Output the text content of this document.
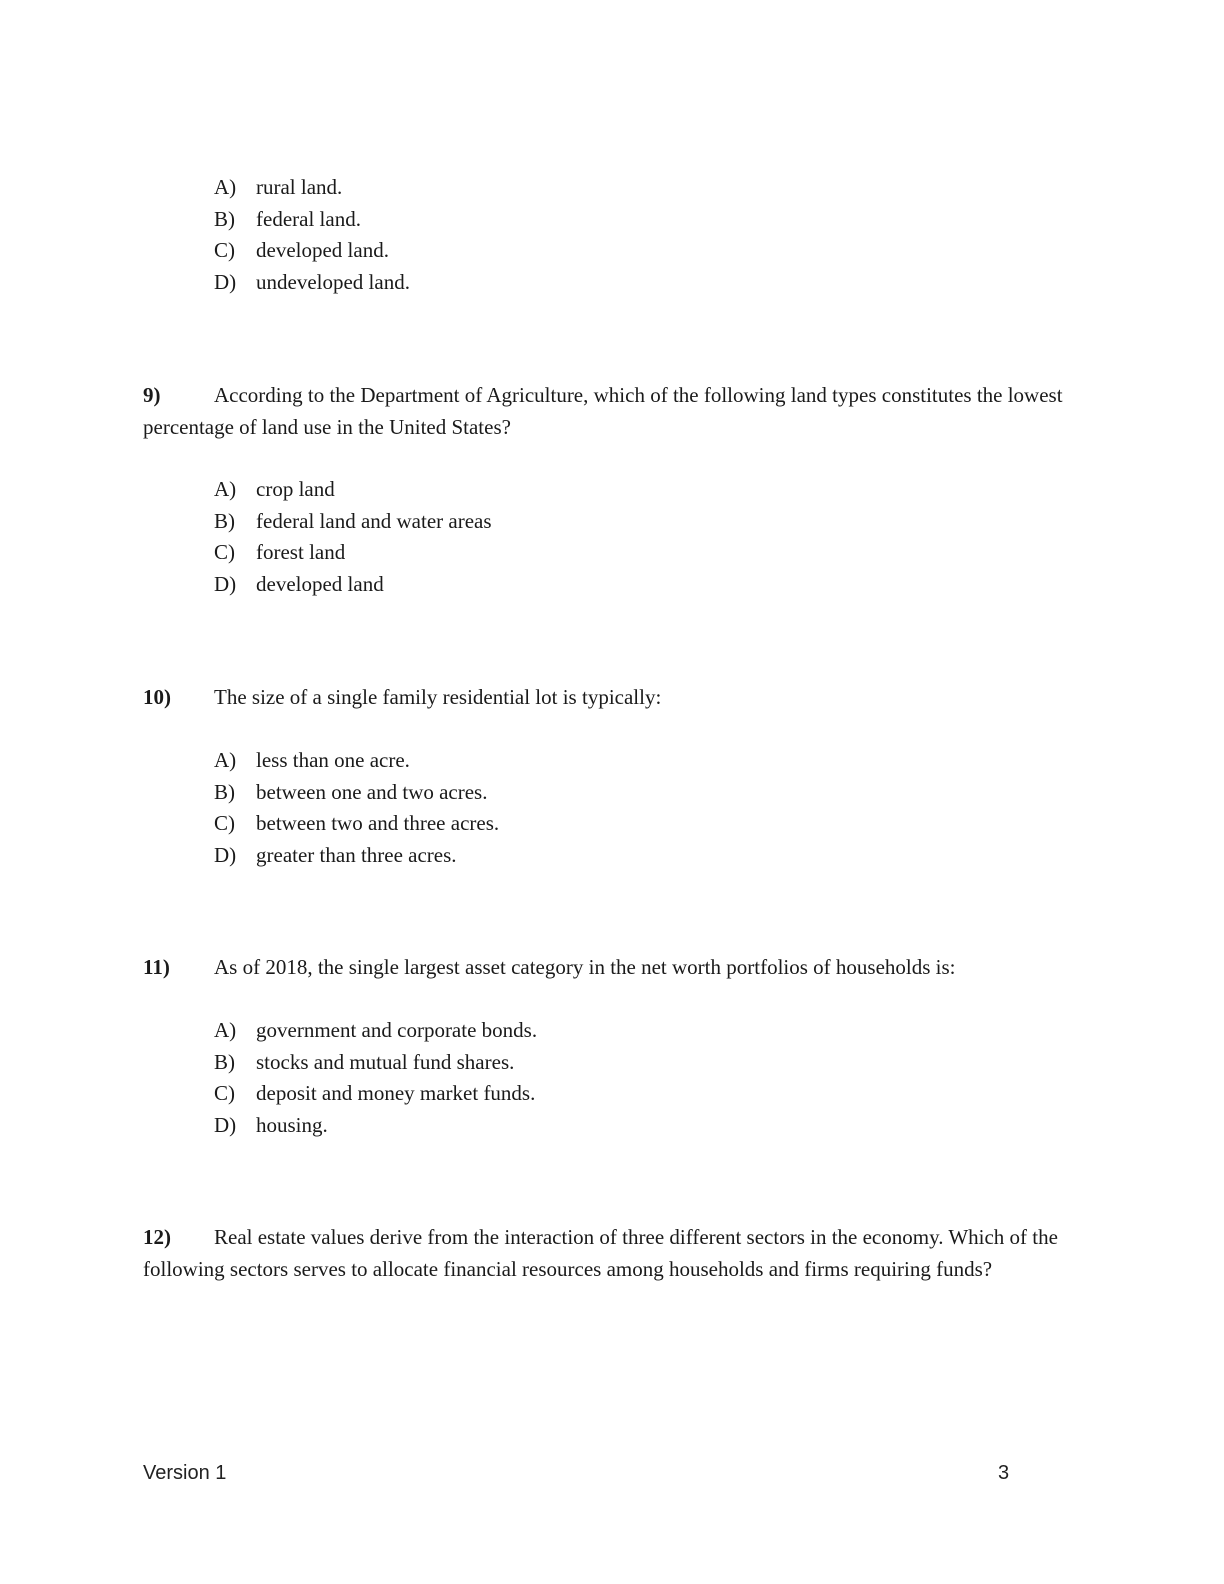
A) rural land.
B) federal land.
C) developed land.
D) undeveloped land.
9)	According to the Department of Agriculture, which of the following land types constitutes the lowest percentage of land use in the United States?
A) crop land
B) federal land and water areas
C) forest land
D) developed land
10) The size of a single family residential lot is typically:
A) less than one acre.
B) between one and two acres.
C) between two and three acres.
D) greater than three acres.
11) As of 2018, the single largest asset category in the net worth portfolios of households is:
A) government and corporate bonds.
B) stocks and mutual fund shares.
C) deposit and money market funds.
D) housing.
12) Real estate values derive from the interaction of three different sectors in the economy. Which of the following sectors serves to allocate financial resources among households and firms requiring funds?
Version 1	3
